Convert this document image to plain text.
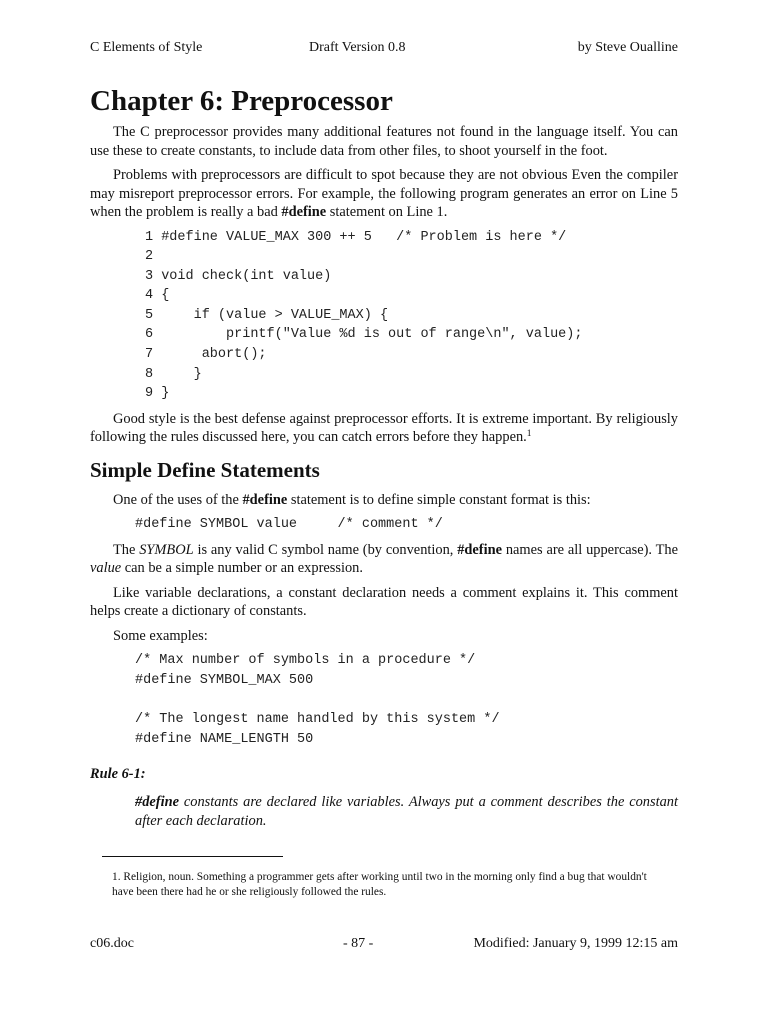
C Elements of Style	Draft Version 0.8	by Steve Oualline
Chapter 6: Preprocessor

The C preprocessor provides many additional features not found in the language itself. You can use these to create constants, to include data from other files, to shoot yourself in the foot.

Problems with preprocessors are difficult to spot because they are not obvious Even the compiler may misreport preprocessor errors. For example, the following program generates an error on Line 5 when the problem is really a bad #define statement on Line 1.

1 #define VALUE_MAX 300 ++ 5   /* Problem is here */
2
3 void check(int value)
4 {
5     if (value > VALUE_MAX) {
6         printf("Value %d is out of range\n", value);
7      abort();
8     }
9 }

Good style is the best defense against preprocessor efforts. It is extreme important. By religiously following the rules discussed here, you can catch errors before they happen.$^1$

Simple Define Statements

One of the uses of the #define statement is to define simple constant format is this:

#define SYMBOL value     /* comment */

The SYMBOL is any valid C symbol name (by convention, #define names are all uppercase). The value can be a simple number or an expression.

Like variable declarations, a constant declaration needs a comment explains it. This comment helps create a dictionary of constants.

Some examples:

/* Max number of symbols in a procedure */
#define SYMBOL_MAX 500

/* The longest name handled by this system */
#define NAME_LENGTH 50
Rule 6-1:
#define constants are declared like variables. Always put a comment describes the constant after each declaration.
1. Religion, noun. Something a programmer gets after working until two in the morning only find a bug that wouldn't have been there had he or she religiously followed the rules.
c06.doc	- 87 -	Modified: January 9, 1999 12:15 am
